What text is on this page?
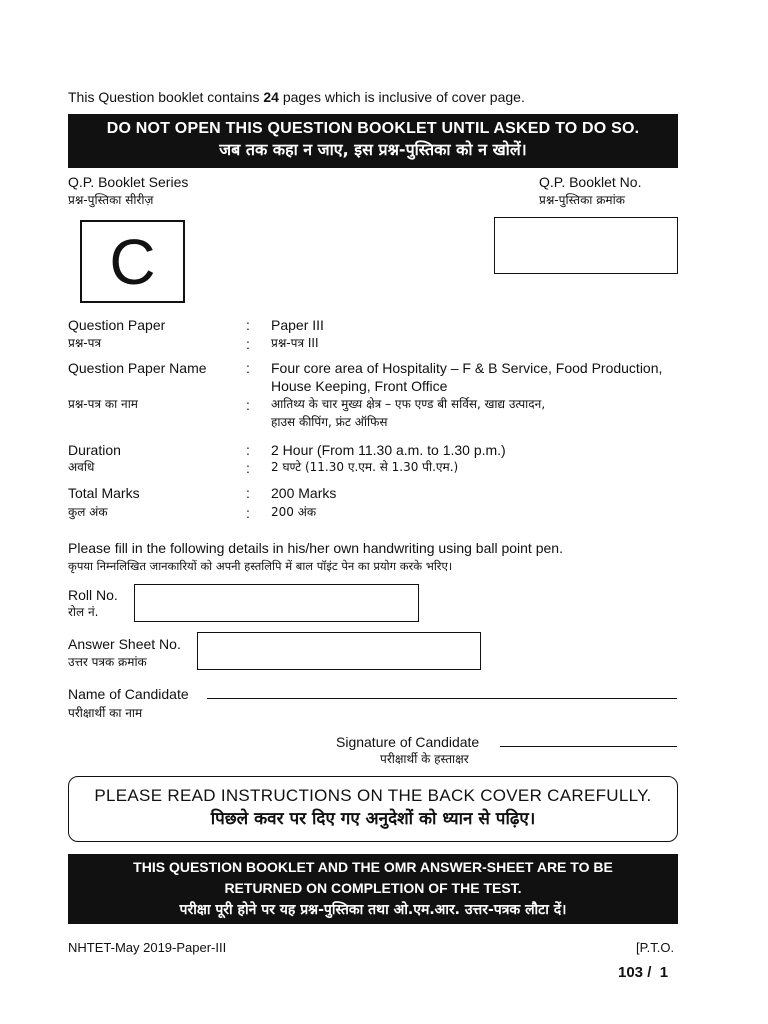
This Question booklet contains 24 pages which is inclusive of cover page.
DO NOT OPEN THIS QUESTION BOOKLET UNTIL ASKED TO DO SO.
जब तक कहा न जाए, इस प्रश्न-पुस्तिका को न खोलें।
Q.P. Booklet Series
प्रश्न-पुस्तिका सीरीज़
C
Q.P. Booklet No.
प्रश्न-पुस्तिका क्रमांक
Question Paper	: Paper III
प्रश्न-पत्र	: प्रश्न-पत्र III
Question Paper Name	: Four core area of Hospitality – F & B Service, Food Production,
House Keeping, Front Office
प्रश्न-पत्र का नाम	: आतिथ्य के चार मुख्य क्षेत्र – एफ एण्ड बी सर्विस, खाद्य उत्पादन,
हाउस कीपिंग, फ्रंट ऑफिस
Duration	: 2 Hour (From 11.30 a.m. to 1.30 p.m.)
अवधि	: 2 घण्टे (11.30 ए.एम. से 1.30 पी.एम.)
Total Marks	: 200 Marks
कुल अंक	: 200 अंक
Please fill in the following details in his/her own handwriting using ball point pen.
कृपया निम्नलिखित जानकारियों को अपनी हस्तलिपि में बाल पॉइंट पेन का प्रयोग करके भरिए।
Roll No.
रोल नं.
Answer Sheet No.
उत्तर पत्रक क्रमांक
Name of Candidate
परीक्षार्थी का नाम
Signature of Candidate
परीक्षार्थी के हस्ताक्षर
PLEASE READ INSTRUCTIONS ON THE BACK COVER CAREFULLY.
पिछले कवर पर दिए गए अनुदेशों को ध्यान से पढ़िए।
THIS QUESTION BOOKLET AND THE OMR ANSWER-SHEET ARE TO BE
RETURNED ON COMPLETION OF THE TEST.
परीक्षा पूरी होने पर यह प्रश्न-पुस्तिका तथा ओ.एम.आर. उत्तर-पत्रक लौटा दें।
NHTET-May 2019-Paper-III	[P.T.O.
103 /  1
